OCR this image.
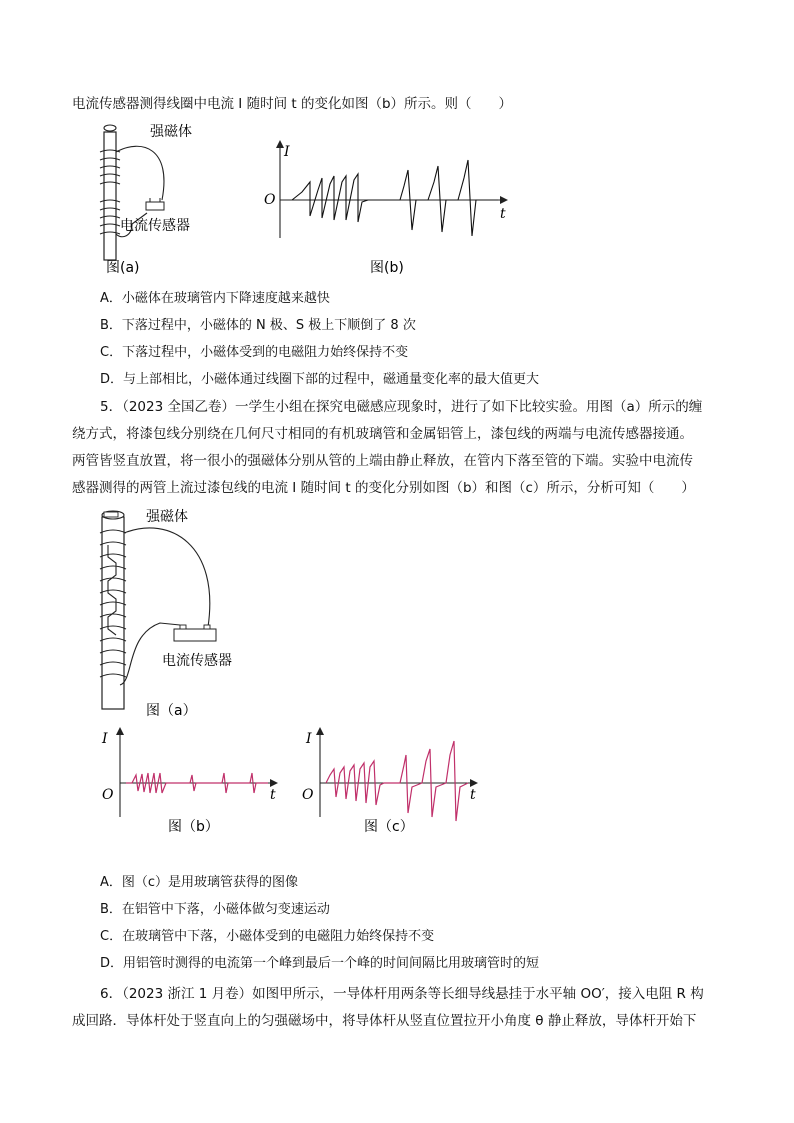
电流传感器测得线圈中电流 I 随时间 t 的变化如图（b）所示。则（　　）
强磁体
电流传感器
图(a)
I
O
t
图(b)
A．小磁体在玻璃管内下降速度越来越快
B．下落过程中，小磁体的 N 极、S 极上下顺倒了 8 次
C．下落过程中，小磁体受到的电磁阻力始终保持不变
D．与上部相比，小磁体通过线圈下部的过程中，磁通量变化率的最大值更大
5．（2023 全国乙卷）一学生小组在探究电磁感应现象时，进行了如下比较实验。用图（a）所示的缠
绕方式，将漆包线分别绕在几何尺寸相同的有机玻璃管和金属铝管上，漆包线的两端与电流传感器接通。
两管皆竖直放置，将一很小的强磁体分别从管的上端由静止释放，在管内下落至管的下端。实验中电流传
感器测得的两管上流过漆包线的电流 I 随时间 t 的变化分别如图（b）和图（c）所示，分析可知（　　）
强磁体
电流传感器
图（a）
I
O	t
图（b）
I
O	t
图（c）
A．图（c）是用玻璃管获得的图像
B．在铝管中下落，小磁体做匀变速运动
C．在玻璃管中下落，小磁体受到的电磁阻力始终保持不变
D．用铝管时测得的电流第一个峰到最后一个峰的时间间隔比用玻璃管时的短
6．（2023 浙江 1 月卷）如图甲所示，一导体杆用两条等长细导线悬挂于水平轴 OO′，接入电阻 R 构
成回路．导体杆处于竖直向上的匀强磁场中，将导体杆从竖直位置拉开小角度 θ 静止释放，导体杆开始下
